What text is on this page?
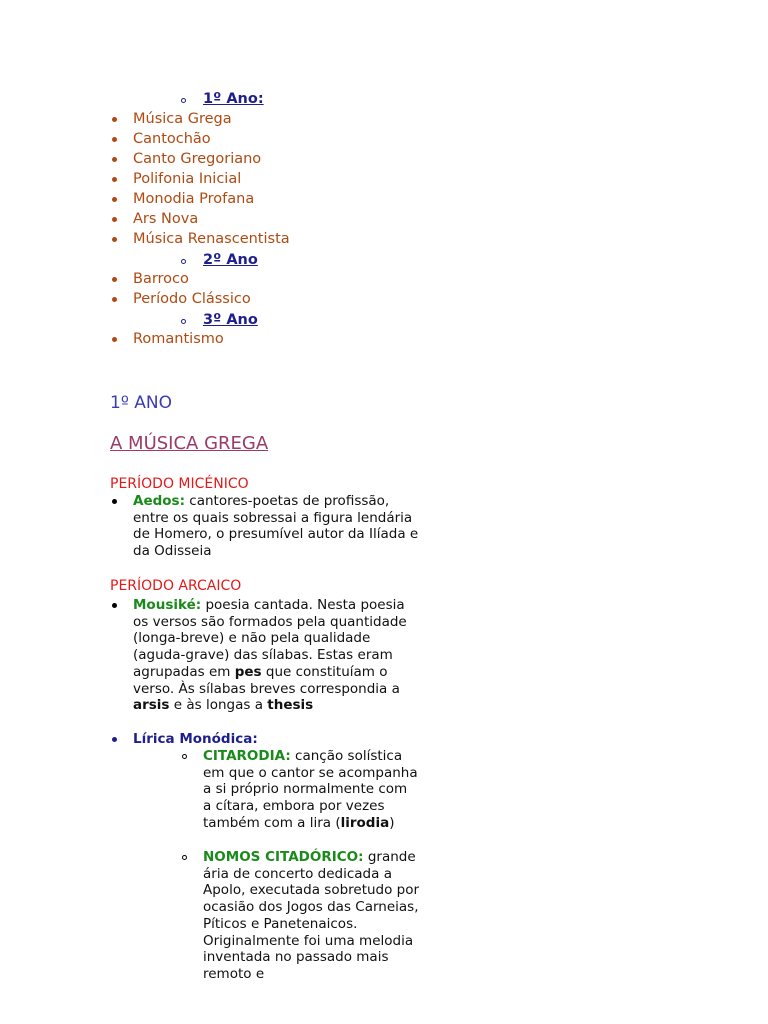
1º Ano:
Música Grega
Cantochão
Canto Gregoriano
Polifonia Inicial
Monodia Profana
Ars Nova
Música Renascentista
2º Ano
Barroco
Período Clássico
3º Ano
Romantismo
1º ANO
A MÚSICA GREGA
PERÍODO MICÉNICO
Aedos: cantores-poetas de profissão, entre os quais sobressai a figura lendária de Homero, o presumível autor da Ilíada e da Odisseia
PERÍODO ARCAICO
Mousiké: poesia cantada. Nesta poesia os versos são formados pela quantidade (longa-breve) e não pela qualidade (aguda-grave) das sílabas. Estas eram agrupadas em pes que constituíam o verso. Às sílabas breves correspondia a arsis e às longas a thesis
Lírica Monódica:
CITARODIA: canção solística em que o cantor se acompanha a si próprio normalmente com a cítara, embora por vezes também com a lira (lirodia)
NOMOS CITADÓRICO: grande ária de concerto dedicada a Apolo, executada sobretudo por ocasião dos Jogos das Carneias, Píticos e Panetenaicos. Originalmente foi uma melodia inventada no passado mais remoto e
